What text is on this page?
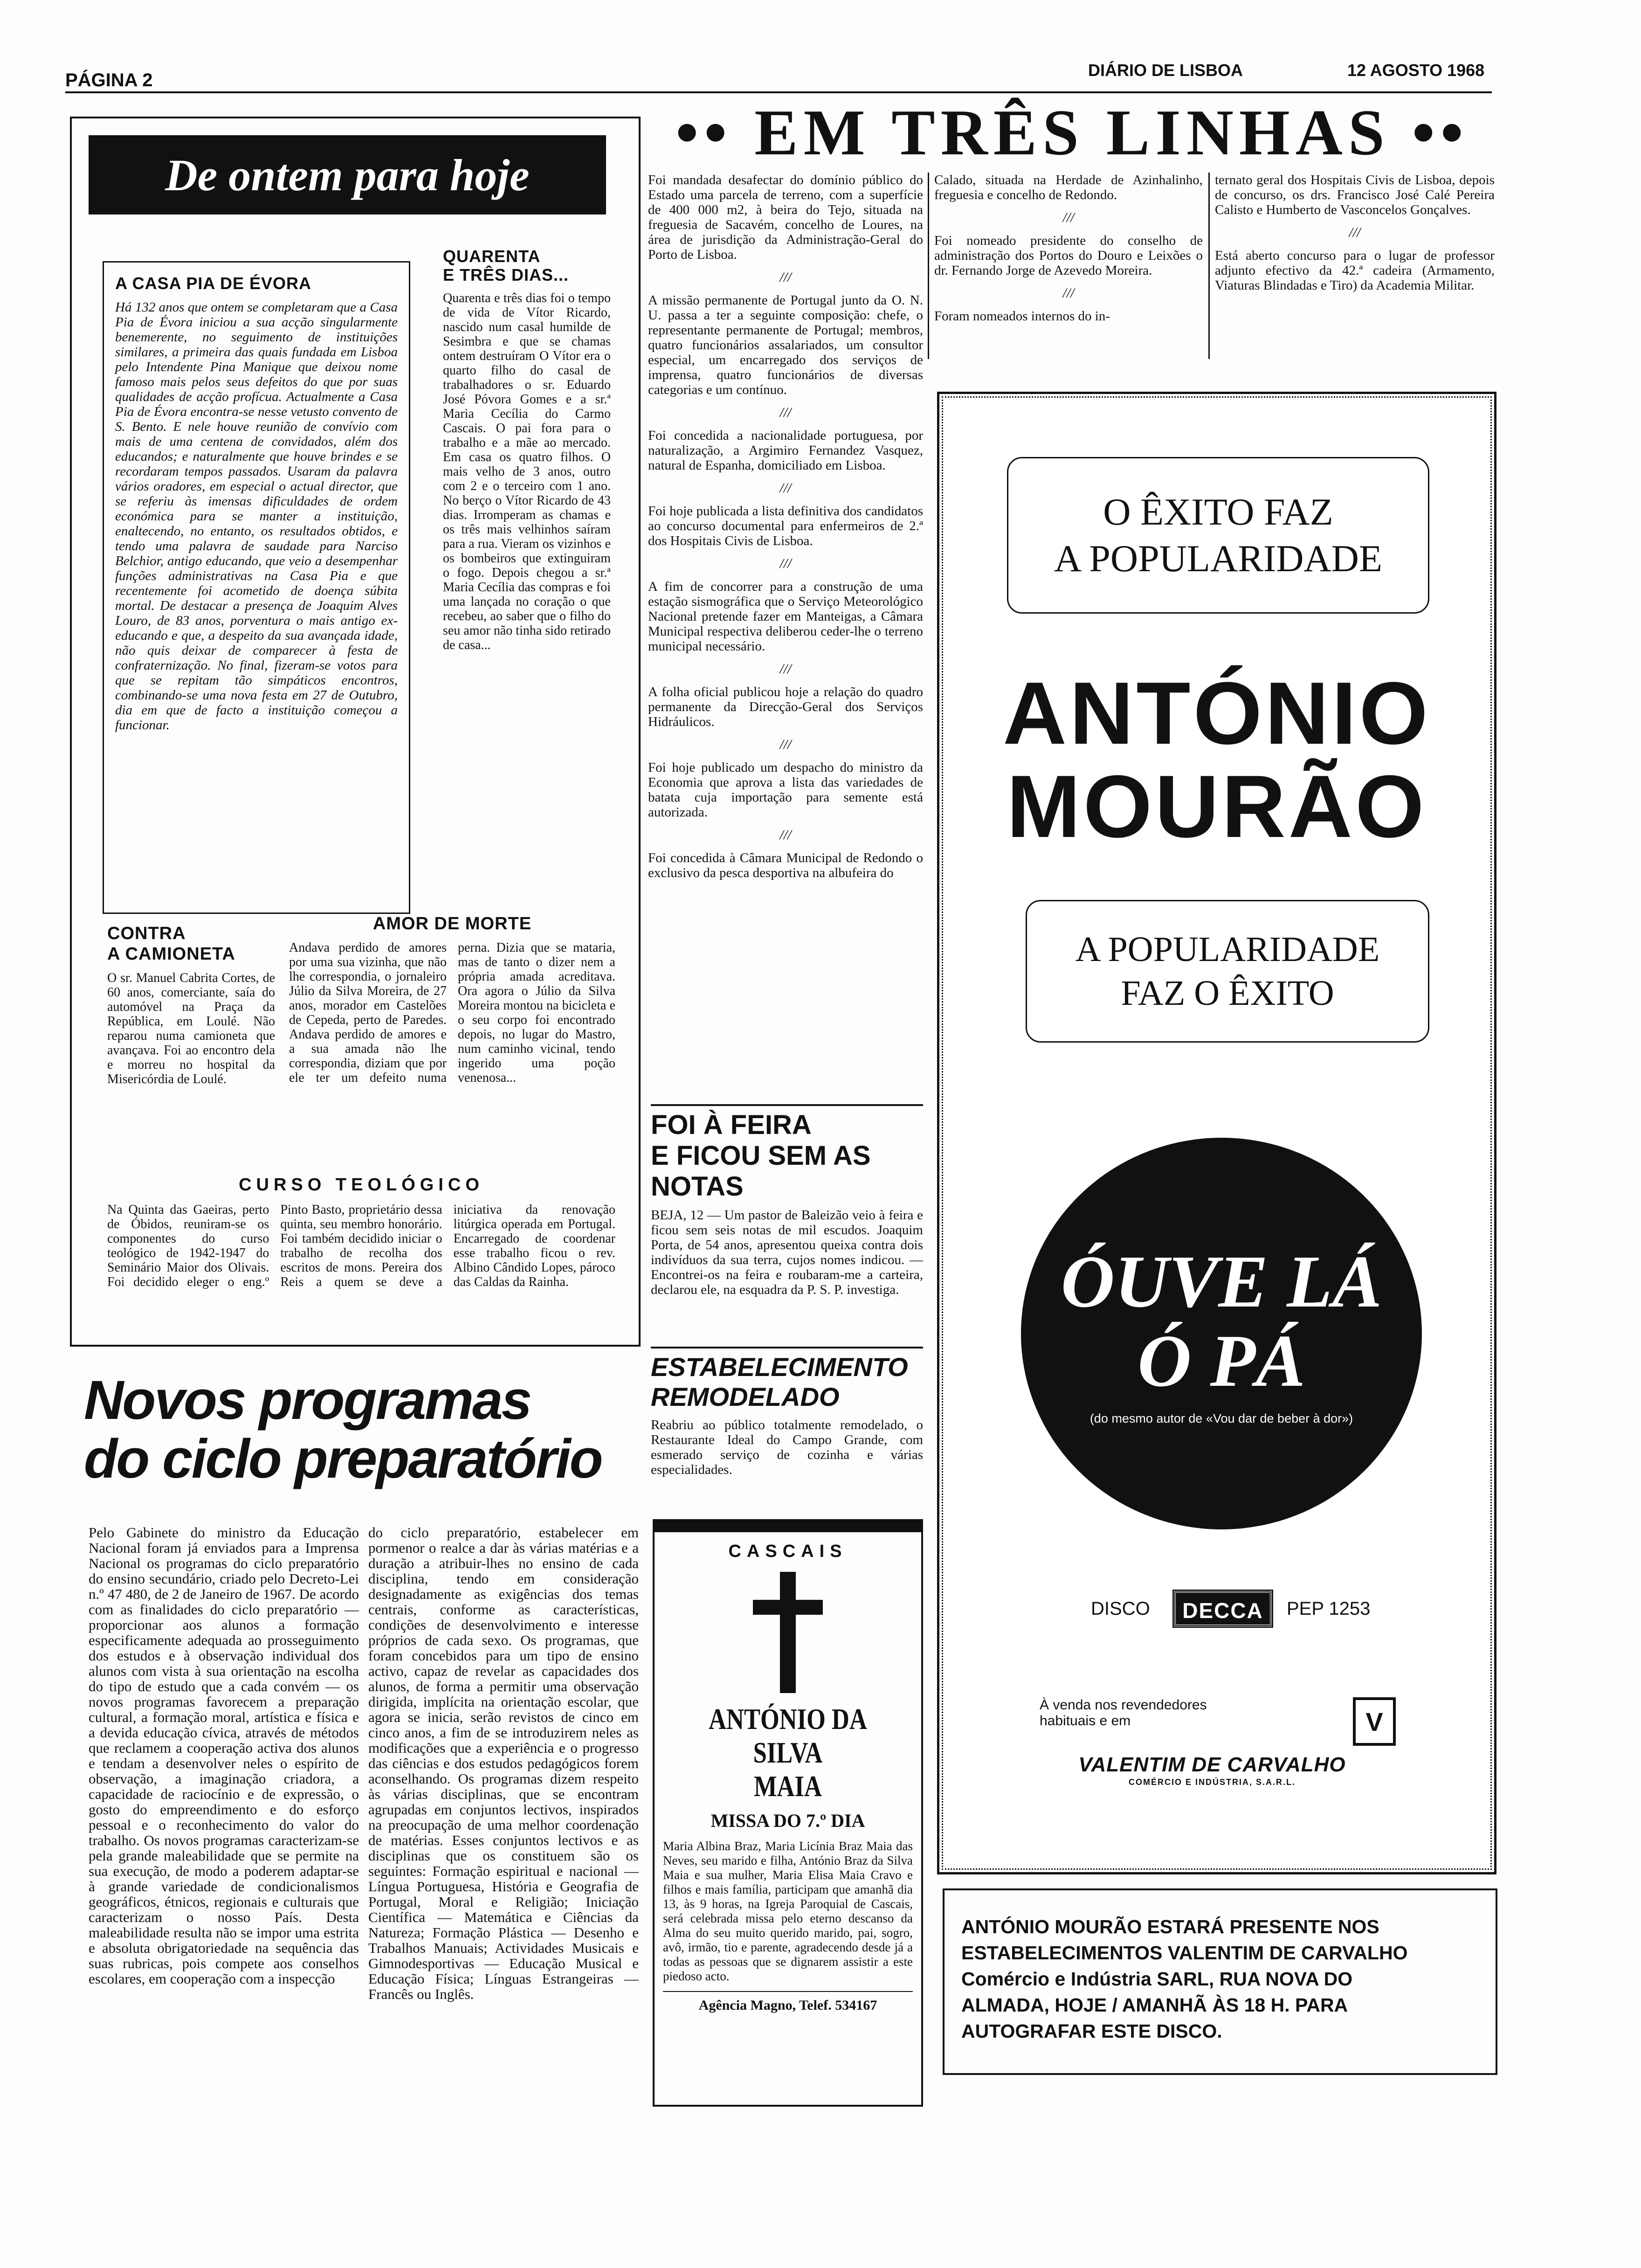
PÁGINA 2	DIÁRIO DE LISBOA	12 AGOSTO 1968
De ontem para hoje
A CASA PIA DE ÉVORA

Há 132 anos que ontem se completaram que a Casa Pia de Évora iniciou a sua acção singularmente benemerente, no seguimento de instituições similares, a primeira das quais fundada em Lisboa pelo Intendente Pina Manique que deixou nome famoso mais pelos seus defeitos do que por suas qualidades de acção profícua. Actualmente a Casa Pia de Évora encontra-se nesse vetusto convento de S. Bento. E nele houve reunião de convívio com mais de uma centena de convidados, além dos educandos; e naturalmente que houve brindes e se recordaram tempos passados. Usaram da palavra vários oradores, em especial o actual director, que se referiu às imensas dificuldades de ordem económica para se manter a instituição, enaltecendo, no entanto, os resultados obtidos, e tendo uma palavra de saudade para Narciso Belchior, antigo educando, que veio a desempenhar funções administrativas na Casa Pia e que recentemente foi acometido de doença súbita mortal. De destacar a presença de Joaquim Alves Louro, de 83 anos, porventura o mais antigo ex-educando e que, a despeito da sua avançada idade, não quis deixar de comparecer à festa de confraternização. No final, fizeram-se votos para que se repitam tão simpáticos encontros, combinando-se uma nova festa em 27 de Outubro, dia em que de facto a instituição começou a funcionar.

QUARENTA
E TRÊS DIAS...

Quarenta e três dias foi o tempo de vida de Vítor Ricardo, nascido num casal humilde de Sesimbra e que se chamas ontem destruíram O Vítor era o quarto filho do casal de trabalhadores o sr. Eduardo José Póvora Gomes e a sr.ª Maria Cecília do Carmo Cascais. O pai fora para o trabalho e a mãe ao mercado. Em casa os quatro filhos. O mais velho de 3 anos, outro com 2 e o terceiro com 1 ano. No berço o Vítor Ricardo de 43 dias. Irromperam as chamas e os três mais velhinhos saíram para a rua. Vieram os vizinhos e os bombeiros que extinguiram o fogo. Depois chegou a sr.ª Maria Cecília das compras e foi uma lançada no coração o que recebeu, ao saber que o filho do seu amor não tinha sido retirado de casa...

CONTRA
A CAMIONETA

O sr. Manuel Cabrita Cortes, de 60 anos, comerciante, saía do automóvel na Praça da República, em Loulé. Não reparou numa camioneta que avançava. Foi ao encontro dela e morreu no hospital da Misericórdia de Loulé.

AMOR DE MORTE

Andava perdido de amores por uma sua vizinha, que não lhe correspondia, o jornaleiro Júlio da Silva Moreira, de 27 anos, morador em Castelões de Cepeda, perto de Paredes. Andava perdido de amores e a sua amada não lhe correspondia, diziam que por ele ter um defeito numa perna. Dizia que se mataria, mas de tanto o dizer nem a própria amada acreditava. Ora agora o Júlio da Silva Moreira montou na bicicleta e o seu corpo foi encontrado depois, no lugar do Mastro, num caminho vicinal, tendo ingerido uma poção venenosa...

CURSO TEOLÓGICO

Na Quinta das Gaeiras, perto de Óbidos, reuniram-se os componentes do curso teológico de 1942-1947 do Seminário Maior dos Olivais. Foi decidido eleger o eng.º Pinto Basto, proprietário dessa quinta, seu membro honorário. Foi também decidido iniciar o trabalho de recolha dos escritos de mons. Pereira dos Reis a quem se deve a iniciativa da renovação litúrgica operada em Portugal. Encarregado de coordenar esse trabalho ficou o rev. Albino Cândido Lopes, pároco das Caldas da Rainha.

Novos programas
do ciclo preparatório

Pelo Gabinete do ministro da Educação Nacional foram já enviados para a Imprensa Nacional os programas do ciclo preparatório do ensino secundário, criado pelo Decreto-Lei n.º 47 480, de 2 de Janeiro de 1967. De acordo com as finalidades do ciclo preparatório — proporcionar aos alunos a formação especificamente adequada ao prosseguimento dos estudos e à observação individual dos alunos com vista à sua orientação na escolha do tipo de estudo que a cada convém — os novos programas favorecem a preparação cultural, a formação moral, artística e física e a devida educação cívica, através de métodos que reclamem a cooperação activa dos alunos e tendam a desenvolver neles o espírito de observação, a imaginação criadora, a capacidade de raciocínio e de expressão, o gosto do empreendimento e do esforço pessoal e o reconhecimento do valor do trabalho. Os novos programas caracterizam-se pela grande maleabilidade que se permite na sua execução, de modo a poderem adaptar-se à grande variedade de condicionalismos geográficos, étnicos, regionais e culturais que caracterizam o nosso País. Desta maleabilidade resulta não se impor uma estrita e absoluta obrigatoriedade na sequência das suas rubricas, pois compete aos conselhos escolares, em cooperação com a inspecção

do ciclo preparatório, estabelecer em pormenor o realce a dar às várias matérias e a duração a atribuir-lhes no ensino de cada disciplina, tendo em consideração designadamente as exigências dos temas centrais, conforme as características, condições de desenvolvimento e interesse próprios de cada sexo. Os programas, que foram concebidos para um tipo de ensino activo, capaz de revelar as capacidades dos alunos, de forma a permitir uma observação dirigida, implícita na orientação escolar, que agora se inicia, serão revistos de cinco em cinco anos, a fim de se introduzirem neles as modificações que a experiência e o progresso das ciências e dos estudos pedagógicos forem aconselhando. Os programas dizem respeito às várias disciplinas, que se encontram agrupadas em conjuntos lectivos, inspirados na preocupação de uma melhor coordenação de matérias. Esses conjuntos lectivos e as disciplinas que os constituem são os seguintes: Formação espiritual e nacional — Língua Portuguesa, História e Geografia de Portugal, Moral e Religião; Iniciação Científica — Matemática e Ciências da Natureza; Formação Plástica — Desenho e Trabalhos Manuais; Actividades Musicais e Gimnodesportivas — Educação Musical e Educação Física; Línguas Estrangeiras — Francês ou Inglês.

•• EM TRÊS LINHAS ••

Foi mandada desafectar do domínio público do Estado uma parcela de terreno, com a superfície de 400 000 m2, à beira do Tejo, situada na freguesia de Sacavém, concelho de Loures, na área de jurisdição da Administração-Geral do Porto de Lisboa.

///

A missão permanente de Portugal junto da O. N. U. passa a ter a seguinte composição: chefe, o representante permanente de Portugal; membros, quatro funcionários assalariados, um consultor especial, um encarregado dos serviços de imprensa, quatro funcionários de diversas categorias e um contínuo.

///

Foi concedida a nacionalidade portuguesa, por naturalização, a Argimiro Fernandez Vasquez, natural de Espanha, domiciliado em Lisboa.

///

Foi hoje publicada a lista definitiva dos candidatos ao concurso documental para enfermeiros de 2.ª dos Hospitais Civis de Lisboa.

///

A fim de concorrer para a construção de uma estação sismográfica que o Serviço Meteorológico Nacional pretende fazer em Manteigas, a Câmara Municipal respectiva deliberou ceder-lhe o terreno municipal necessário.

///

A folha oficial publicou hoje a relação do quadro permanente da Direcção-Geral dos Serviços Hidráulicos.

///

Foi hoje publicado um despacho do ministro da Economia que aprova a lista das variedades de batata cuja importação para semente está autorizada.

///

Foi concedida à Câmara Municipal de Redondo o exclusivo da pesca desportiva na albufeira do

Calado, situada na Herdade de Azinhalinho, freguesia e concelho de Redondo.

///

Foi nomeado presidente do conselho de administração dos Portos do Douro e Leixões o dr. Fernando Jorge de Azevedo Moreira.

///

Foram nomeados internos do in-

ternato geral dos Hospitais Civis de Lisboa, depois de concurso, os drs. Francisco José Calé Pereira Calisto e Humberto de Vasconcelos Gonçalves.

///

Está aberto concurso para o lugar de professor adjunto efectivo da 42.ª cadeira (Armamento, Viaturas Blindadas e Tiro) da Academia Militar.

FOI À FEIRA
E FICOU SEM AS NOTAS

BEJA, 12 — Um pastor de Baleizão veio à feira e ficou sem seis notas de mil escudos. Joaquim Porta, de 54 anos, apresentou queixa contra dois indivíduos da sua terra, cujos nomes indicou. — Encontrei-os na feira e roubaram-me a carteira, declarou ele, na esquadra da P. S. P. investiga.

ESTABELECIMENTO
REMODELADO

Reabriu ao público totalmente remodelado, o Restaurante Ideal do Campo Grande, com esmerado serviço de cozinha e várias especialidades.

CASCAIS
ANTÓNIO DA SILVA
MAIA
MISSA DO 7.º DIA

Maria Albina Braz, Maria Licínia Braz Maia das Neves, seu marido e filha, António Braz da Silva Maia e sua mulher, Maria Elisa Maia Cravo e filhos e mais família, participam que amanhã dia 13, às 9 horas, na Igreja Paroquial de Cascais, será celebrada missa pelo eterno descanso da Alma do seu muito querido marido, pai, sogro, avô, irmão, tio e parente, agradecendo desde já a todas as pessoas que se dignarem assistir a este piedoso acto.

Agência Magno, Telef. 534167
O ÊXITO FAZ
A POPULARIDADE
ANTÓNIO
MOURÃO
A POPULARIDADE
FAZ O ÊXITO
ÓUVE LÁ
Ó PÁ
(do mesmo autor de «Vou dar de beber à dor»)
DISCO	DECCA	PEP 1253
À venda nos revendedores
habituais e em	V
VALENTIM DE CARVALHO
COMÉRCIO E INDÚSTRIA, S.A.R.L.
ANTÓNIO MOURÃO ESTARÁ PRESENTE NOS
ESTABELECIMENTOS VALENTIM DE CARVALHO
Comércio e Indústria SARL, RUA NOVA DO
ALMADA, HOJE / AMANHÃ ÀS 18 H. PARA
AUTOGRAFAR ESTE DISCO.
